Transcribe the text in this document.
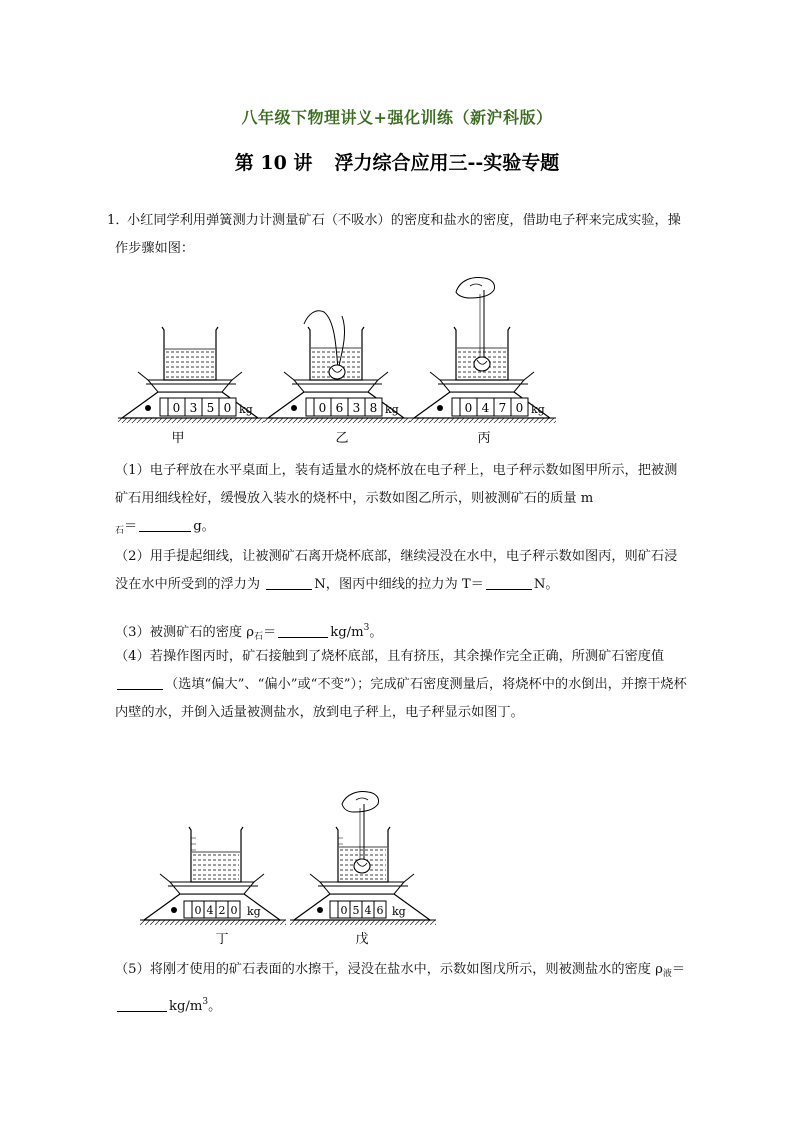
八年级下物理讲义+强化训练（新沪科版）
第 10 讲 浮力综合应用三--实验专题
1．
小红同学利用弹簧测力计测量矿石（不吸水）的密度和盐水的密度，借助电子秤来完成实验，操作步骤如图：
0 3 5 0 kg
甲
0 6 3 8 kg
乙
0 4 7 0 kg
丙
（1）电子秤放在水平桌面上，装有适量水的烧杯放在电子秤上，电子秤示数如图甲所示，把被测矿石用细线栓好，缓慢放入装水的烧杯中，示数如图乙所示，则被测矿石的质量 m
$_石$＝	g。
（2）用手提起细线，让被测矿石离开烧杯底部，继续浸没在水中，电子秤示数如图丙，则矿石浸没在水中所受到的浮力为	N，图丙中细线的拉力为 T＝	N。
（3）被测矿石的密度 $\rho_石=$	$kg/m^3$。
（4）若操作图丙时，矿石接触到了烧杯底部，且有挤压，其余操作完全正确，所测矿石密度值 （选填“偏大”、“偏小”或“不变”）；完成矿石密度测量后，将烧杯中的水倒出，并擦干烧杯内壁的水，并倒入适量被测盐水，放到电子秤上，电子秤显示如图丁。
0 4 2 0 kg
丁
0 5 4 6 kg
戊
（5）将刚才使用的矿石表面的水擦干，浸没在盐水中，示数如图戊所示，则被测盐水的密度 $\rho_液=kg/m^3$。
